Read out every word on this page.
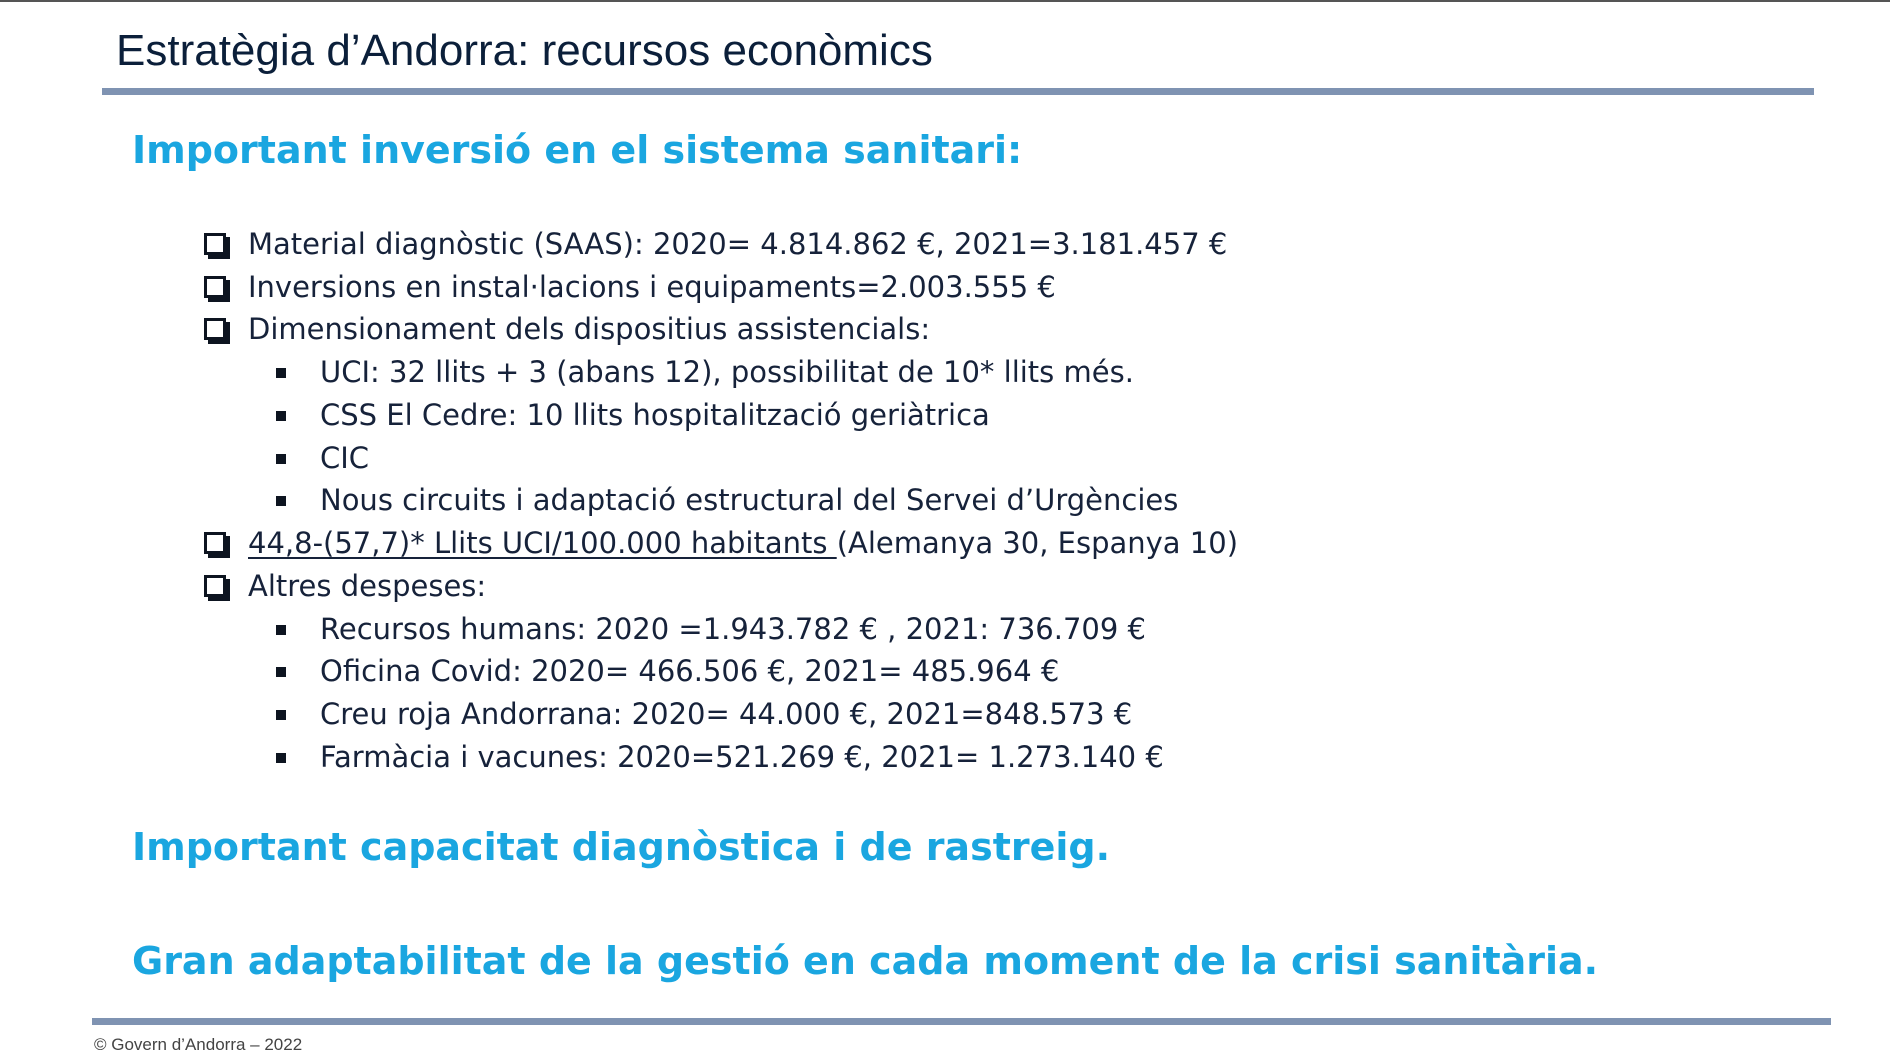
Estratègia d’Andorra: recursos econòmics
Important inversió en el sistema sanitari:
Material diagnòstic (SAAS): 2020= 4.814.862 €, 2021=3.181.457 €
Inversions en instal·lacions i equipaments=2.003.555 €
Dimensionament dels dispositius assistencials:
UCI: 32 llits + 3 (abans 12), possibilitat de 10* llits més.
CSS El Cedre: 10 llits hospitalització geriàtrica
CIC
Nous circuits i adaptació estructural del Servei d’Urgències
44,8-(57,7)* Llits UCI/100.000 habitants (Alemanya 30, Espanya 10)
Altres despeses:
Recursos humans: 2020 =1.943.782 € , 2021: 736.709 €
Oficina Covid: 2020= 466.506 €, 2021= 485.964 €
Creu roja Andorrana: 2020= 44.000 €, 2021=848.573 €
Farmàcia i vacunes: 2020=521.269 €, 2021= 1.273.140 €
Important capacitat diagnòstica i de rastreig.
Gran adaptabilitat de la gestió en cada moment de la crisi sanitària.
© Govern d’Andorra – 2022
